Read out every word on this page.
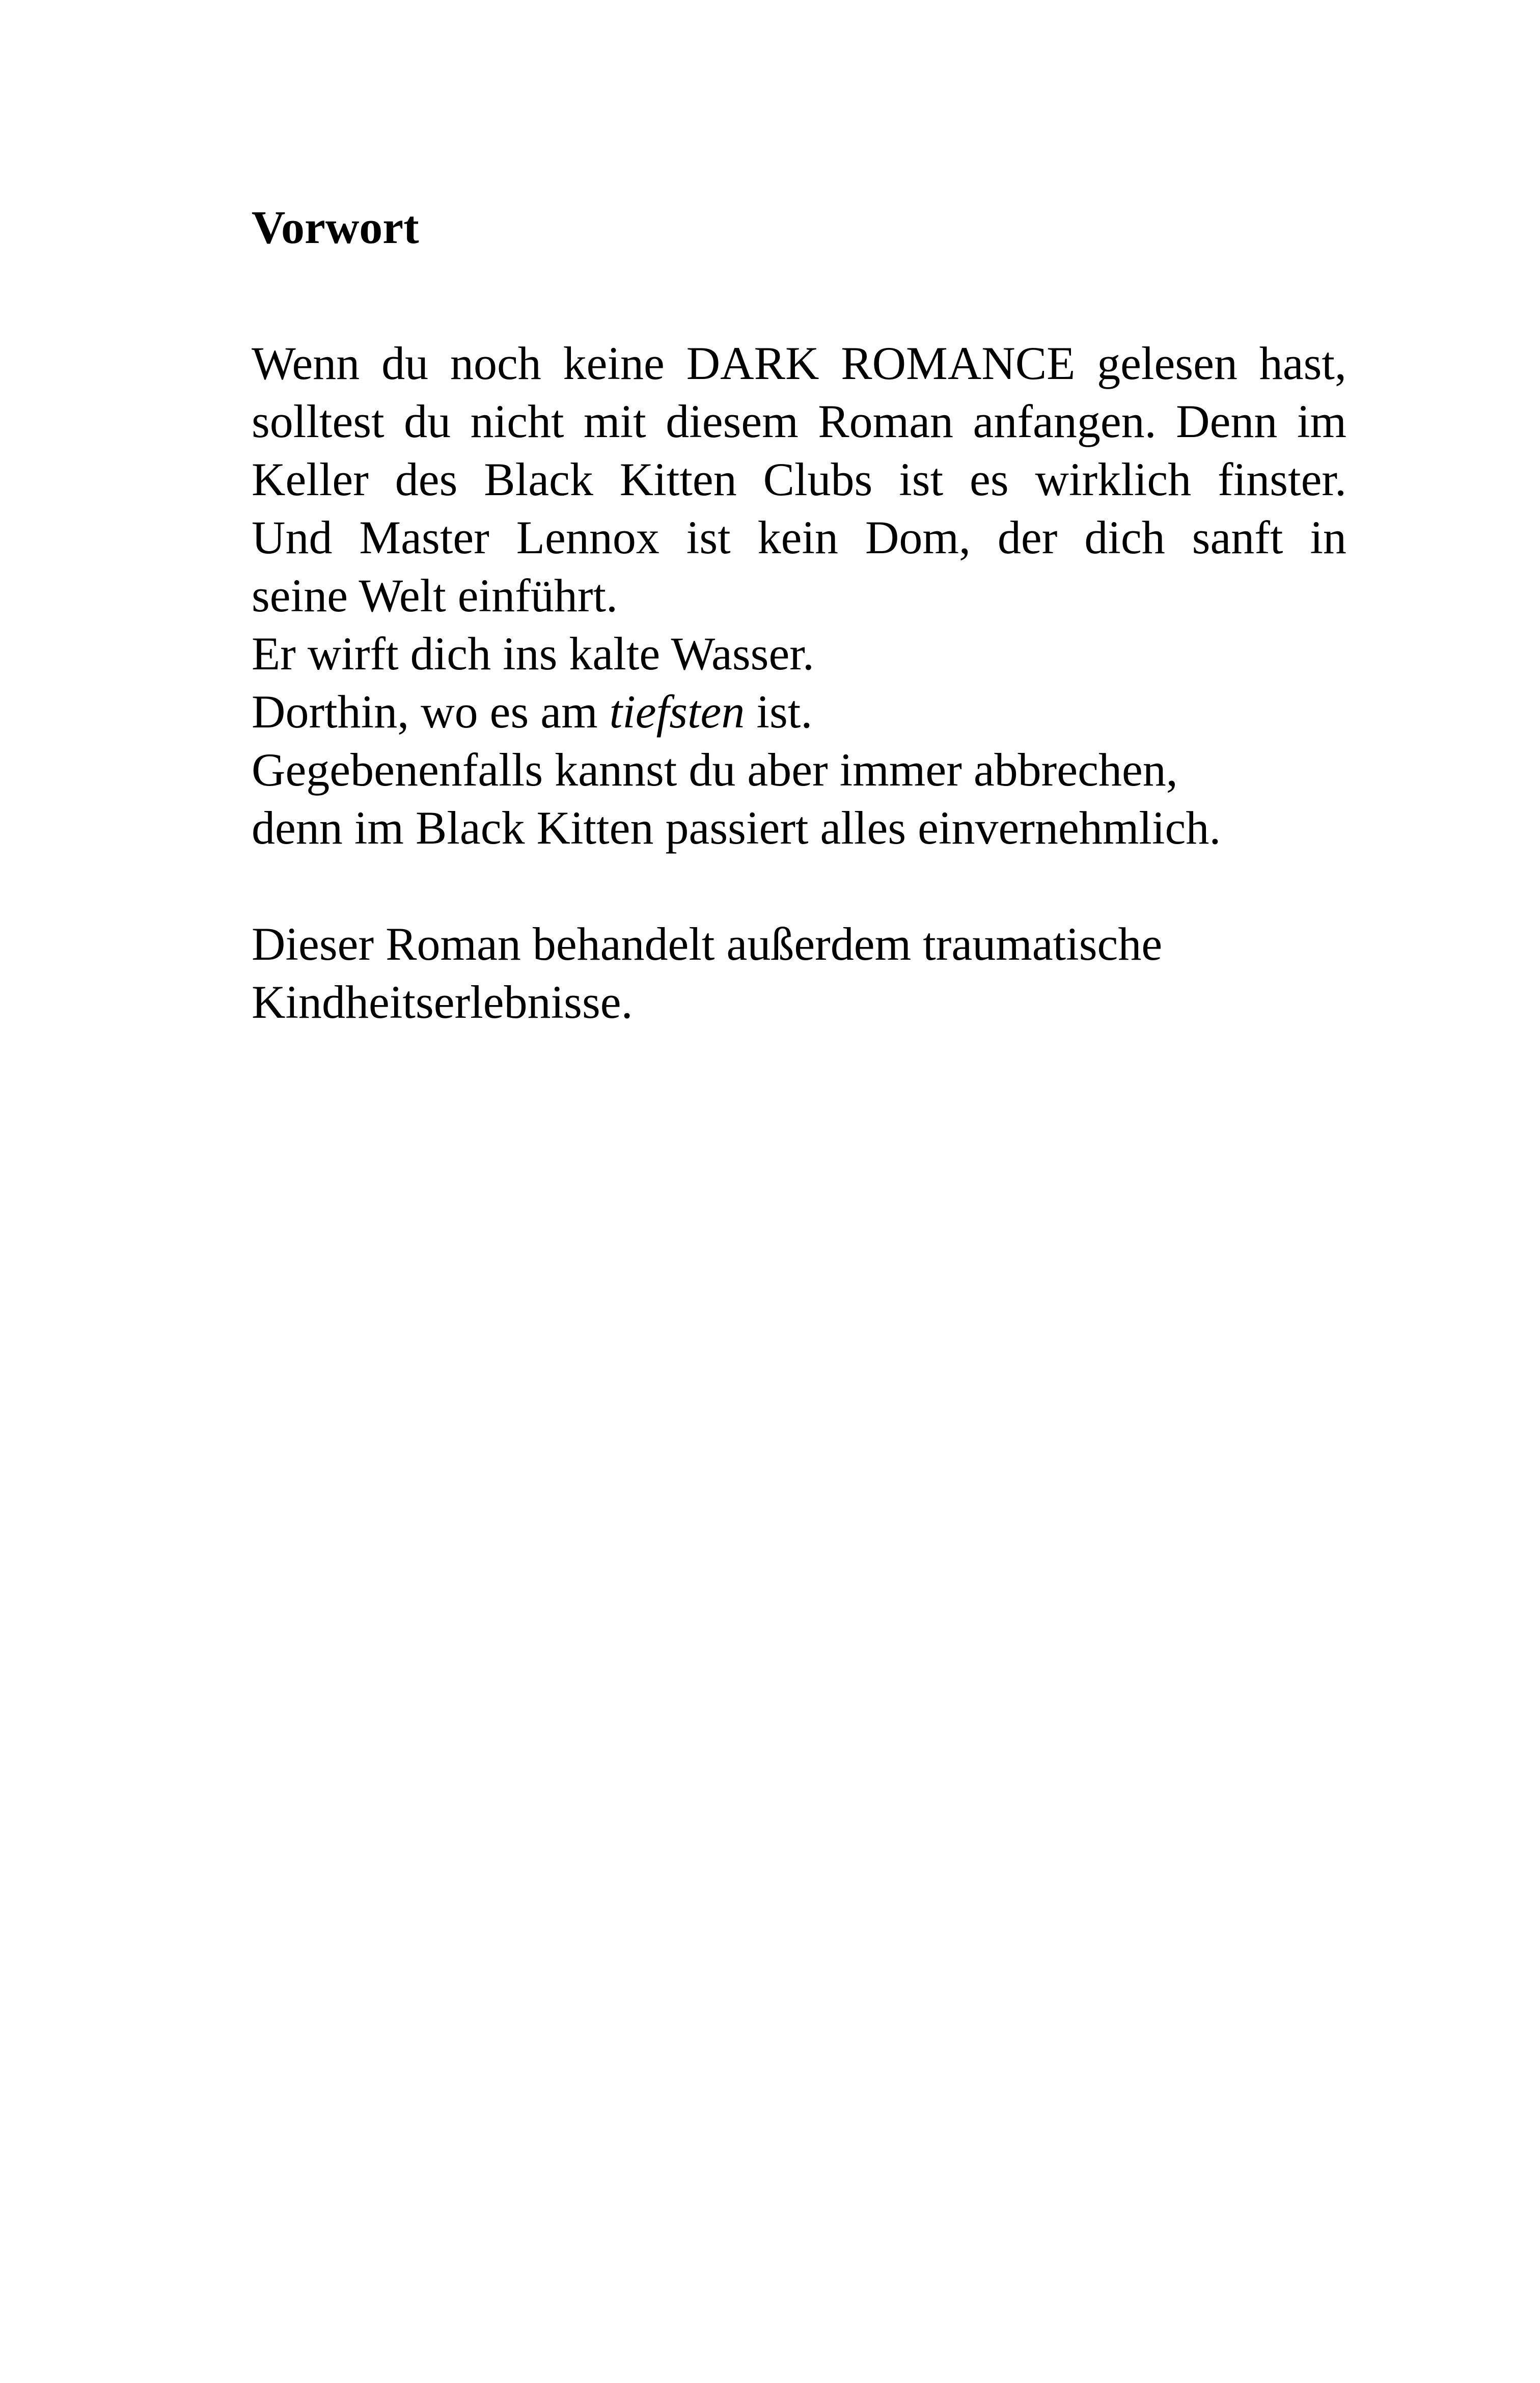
Vorwort
Wenn du noch keine DARK ROMANCE gelesen hast,
solltest du nicht mit diesem Roman anfangen. Denn im
Keller des Black Kitten Clubs ist es wirklich finster.
Und Master Lennox ist kein Dom, der dich sanft in
seine Welt einführt.
Er wirft dich ins kalte Wasser.
Dorthin, wo es am tiefsten ist.
Gegebenenfalls kannst du aber immer abbrechen,
denn im Black Kitten passiert alles einvernehmlich.
Dieser Roman behandelt außerdem traumatische
Kindheitserlebnisse.
